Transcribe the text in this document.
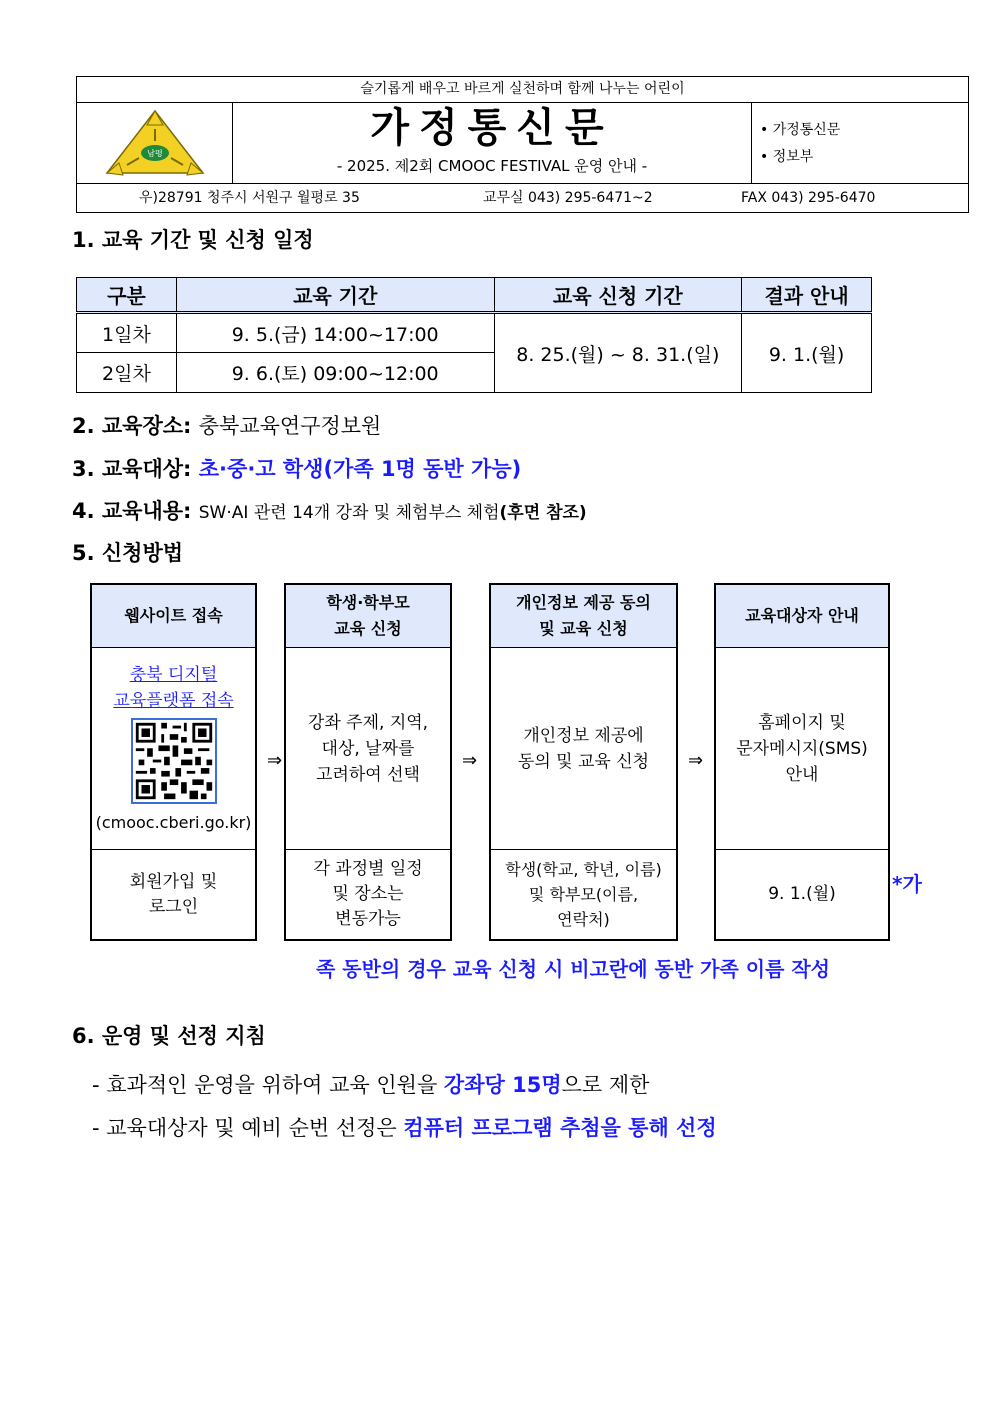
슬기롭게 배우고 바르게 실천하며 함께 나누는 어린이
남평
가정통신문
- 2025. 제2회 CMOOC FESTIVAL 운영 안내 -
• 가정통신문
• 정보부
우)28791 청주시 서원구 월평로 35	교무실 043) 295-6471~2	FAX 043) 295-6470
1. 교육 기간 및 신청 일정
구분	교육 기간	교육 신청 기간	결과 안내
1일차	9. 5.(금) 14:00~17:00	8. 25.(월) ~ 8. 31.(일)	9. 1.(월)
2일차	9. 6.(토) 09:00~12:00		
2. 교육장소: 충북교육연구정보원
3. 교육대상: 초·중·고 학생(가족 1명 동반 가능)
4. 교육내용: SW·AI 관련 14개 강좌 및 체험부스 체험(후면 참조)
5. 신청방법
웹사이트 접속
충북 디지털
교육플랫폼 접속
(cmooc.cberi.go.kr)
회원가입 및
로그인
⇒
학생·학부모
교육 신청
강좌 주제, 지역,
대상, 날짜를
고려하여 선택
각 과정별 일정
및 장소는
변동가능
⇒
개인정보 제공 동의
및 교육 신청
개인정보 제공에
동의 및 교육 신청
학생(학교, 학년, 이름)
및 학부모(이름,
연락처)
⇒
교육대상자 안내
홈페이지 및
문자메시지(SMS)
안내
9. 1.(월)	*가
족 동반의 경우 교육 신청 시 비고란에 동반 가족 이름 작성
6. 운영 및 선정 지침
- 효과적인 운영을 위하여 교육 인원을 강좌당 15명으로 제한
- 교육대상자 및 예비 순번 선정은 컴퓨터 프로그램 추첨을 통해 선정
